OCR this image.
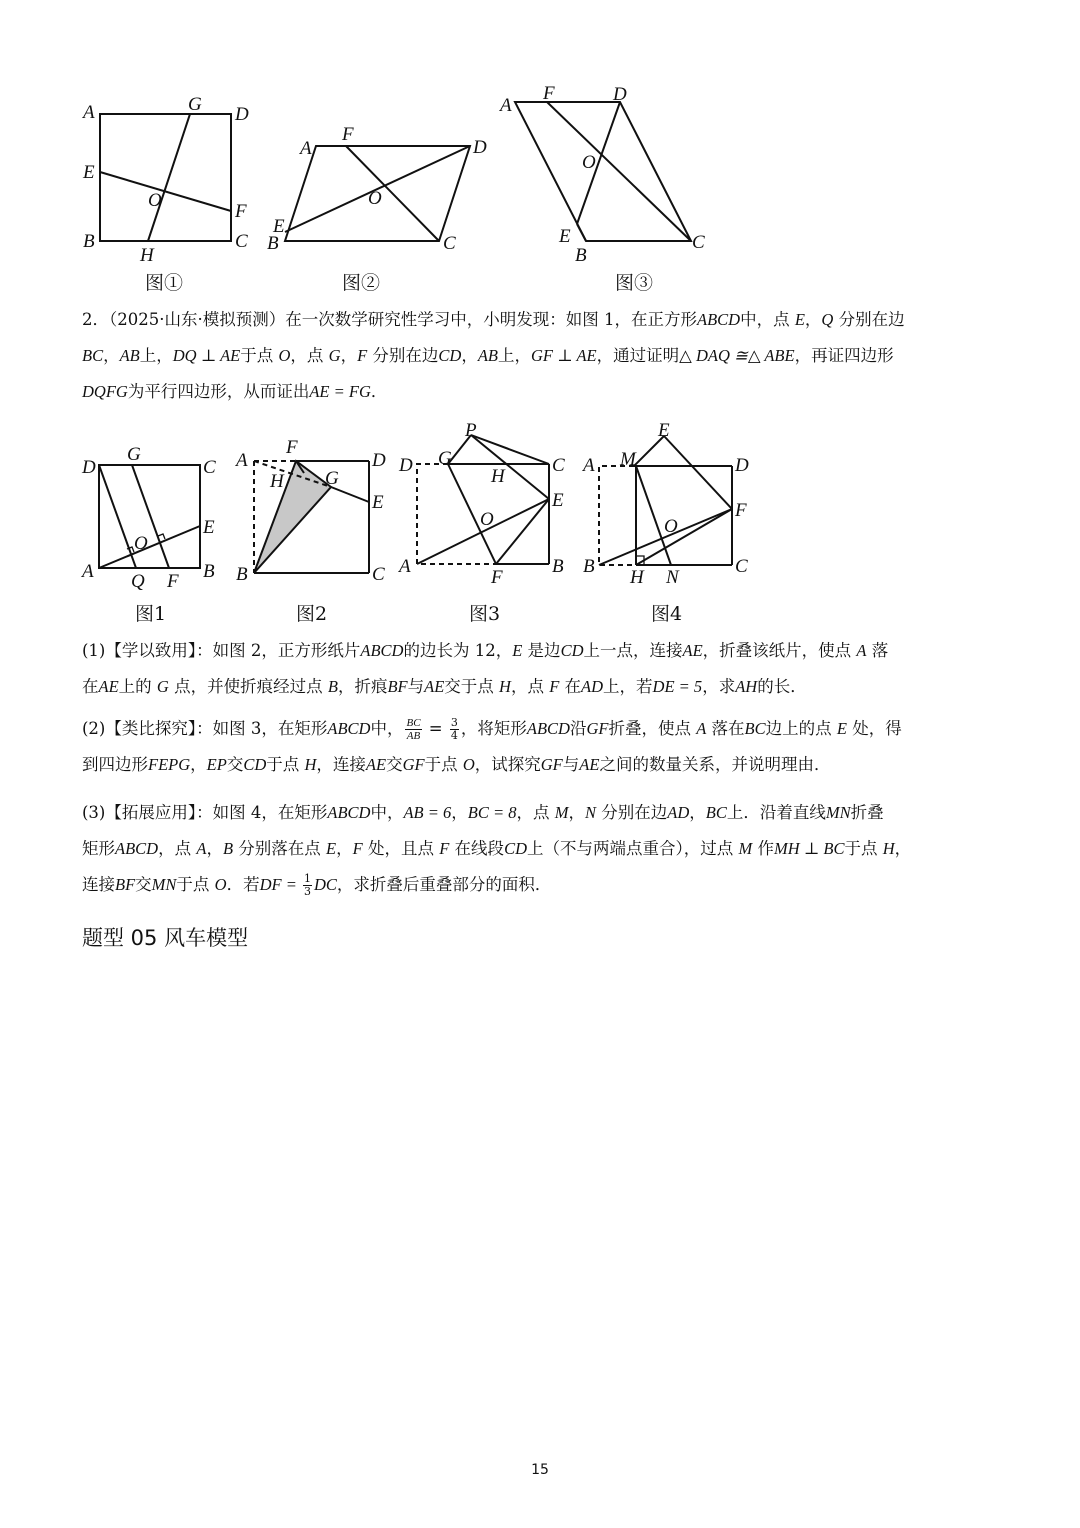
A	G D
E
O
F
B
H
C
图①
A
F
D
O
E
B	C
图②
A
F	D
O
E
B
C
图③
2．（2025·山东·模拟预测）在一次数学研究性学习中，小明发现：如图 1，在正方形ABCD中，点 E，Q 分别在边
BC，AB上，DQ ⊥ AE于点 O，点 G，F 分别在边CD，AB上，GF ⊥ AE，通过证明△ DAQ ≅△ ABE，再证四边形
DQFG为平行四边形，从而证出AE = FG．
D
G
C
E
O
A Q F B
图1
A
F
D
H G
E
B	C
图2
P
D G	C
H
E
O
A
F
B
图3
A M
E
D
O
F
B
H N
C
图4
(1)【学以致用】：如图 2，正方形纸片ABCD的边长为 12，E 是边CD上一点，连接AE，折叠该纸片，使点 A 落
在AE上的 G 点，并使折痕经过点 B，折痕BF与AE交于点 H，点 F 在AD上，若DE = 5，求AH的长．
(2)【类比探究】：如图 3，在矩形ABCD中， $\frac{BC}{AB} = \frac{3}{4}$ ，将矩形ABCD沿GF折叠，使点 A 落在BC边上的点 E 处，得
到四边形FEPG，EP交CD于点 H，连接AE交GF于点 O，试探究GF与AE之间的数量关系，并说明理由．
(3)【拓展应用】：如图 4，在矩形ABCD中，AB = 6，BC = 8，点 M，N 分别在边AD，BC上．沿着直线MN折叠
矩形ABCD，点 A，B 分别落在点 E，F 处，且点 F 在线段CD上（不与两端点重合），过点 M 作MH ⊥ BC于点 H，
连接BF交MN于点 O．若DF = $\frac{1}{3}$ DC，求折叠后重叠部分的面积．
题型 05 风车模型
15
